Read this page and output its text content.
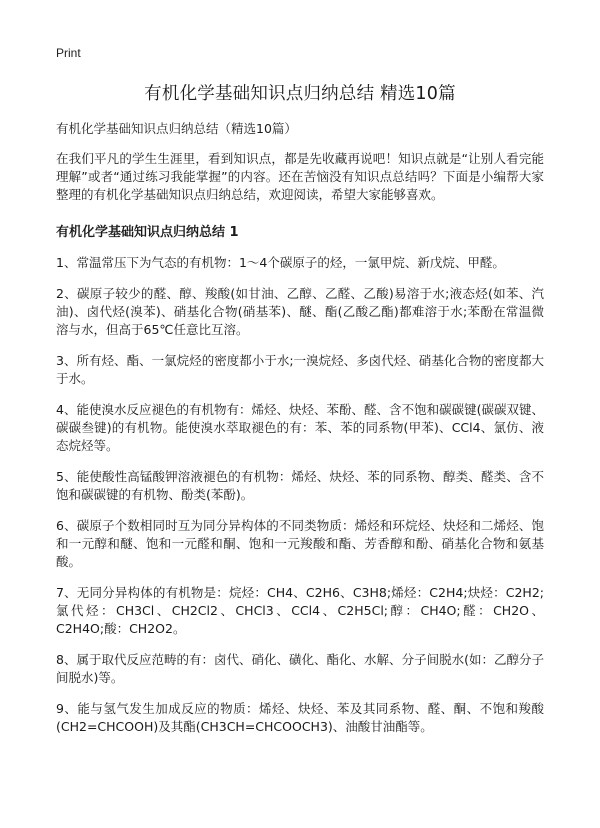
Print
有机化学基础知识点归纳总结 精选10篇

有机化学基础知识点归纳总结（精选10篇）

在我们平凡的学生生涯里，看到知识点，都是先收藏再说吧！知识点就是“让别人看完能理解”或者“通过练习我能掌握”的内容。还在苦恼没有知识点总结吗？下面是小编帮大家整理的有机化学基础知识点归纳总结，欢迎阅读，希望大家能够喜欢。

有机化学基础知识点归纳总结 1

1、常温常压下为气态的有机物：1～4个碳原子的烃，一氯甲烷、新戊烷、甲醛。

2、碳原子较少的醛、醇、羧酸(如甘油、乙醇、乙醛、乙酸)易溶于水;液态烃(如苯、汽油)、卤代烃(溴苯)、硝基化合物(硝基苯)、醚、酯(乙酸乙酯)都难溶于水;苯酚在常温微溶与水，但高于65℃任意比互溶。

3、所有烃、酯、一氯烷烃的密度都小于水;一溴烷烃、多卤代烃、硝基化合物的密度都大于水。

4、能使溴水反应褪色的有机物有：烯烃、炔烃、苯酚、醛、含不饱和碳碳键(碳碳双键、碳碳叁键)的有机物。能使溴水萃取褪色的有：苯、苯的同系物(甲苯)、CCl4、氯仿、液态烷烃等。

5、能使酸性高锰酸钾溶液褪色的有机物：烯烃、炔烃、苯的同系物、醇类、醛类、含不饱和碳碳键的有机物、酚类(苯酚)。

6、碳原子个数相同时互为同分异构体的不同类物质：烯烃和环烷烃、炔烃和二烯烃、饱和一元醇和醚、饱和一元醛和酮、饱和一元羧酸和酯、芳香醇和酚、硝基化合物和氨基酸。

7、无同分异构体的有机物是：烷烃：CH4、C2H6、C3H8;烯烃：C2H4;炔烃：C2H2;氯代烃：CH3Cl、CH2Cl2、CHCl3、CCl4、C2H5Cl;醇：CH4O;醛：CH2O、C2H4O;酸：CH2O2。

8、属于取代反应范畴的有：卤代、硝化、磺化、酯化、水解、分子间脱水(如：乙醇分子间脱水)等。

9、能与氢气发生加成反应的物质：烯烃、炔烃、苯及其同系物、醛、酮、不饱和羧酸(CH2=CHCOOH)及其酯(CH3CH=CHCOOCH3)、油酸甘油酯等。
